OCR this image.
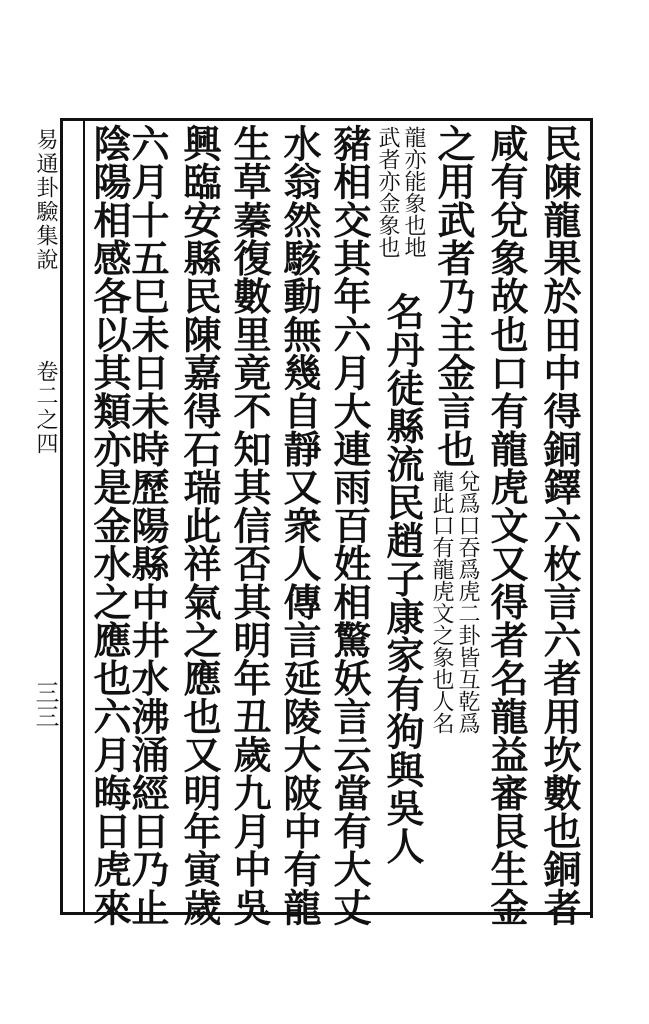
民陳龍果於田中得銅鐸六枚言六者用坎數也銅者
咸有兌象故也口有龍虎文又得者名龍益審艮生金
之用武者乃主金言也
兌爲口吞爲虎二卦皆互乾爲
龍此口有龍虎文之象也人名
龍亦能象也地
武者亦金象也
名丹徒縣流民趙子康家有狗與吳人
豬相交其年六月大連雨百姓相驚妖言云當有大丈
水翁然駭動無幾自靜又衆人傳言延陵大陂中有龍
生草蓁復數里竟不知其信否其明年丑歲九月中吳
興臨安縣民陳嘉得石瑞此祥氣之應也又明年寅歲
六月十五巳未日未時歷陽縣中井水沸涌經日乃止
陰陽相感各以其類亦是金水之應也六月晦日虎來
易通卦驗集說
卷二之四
三三
